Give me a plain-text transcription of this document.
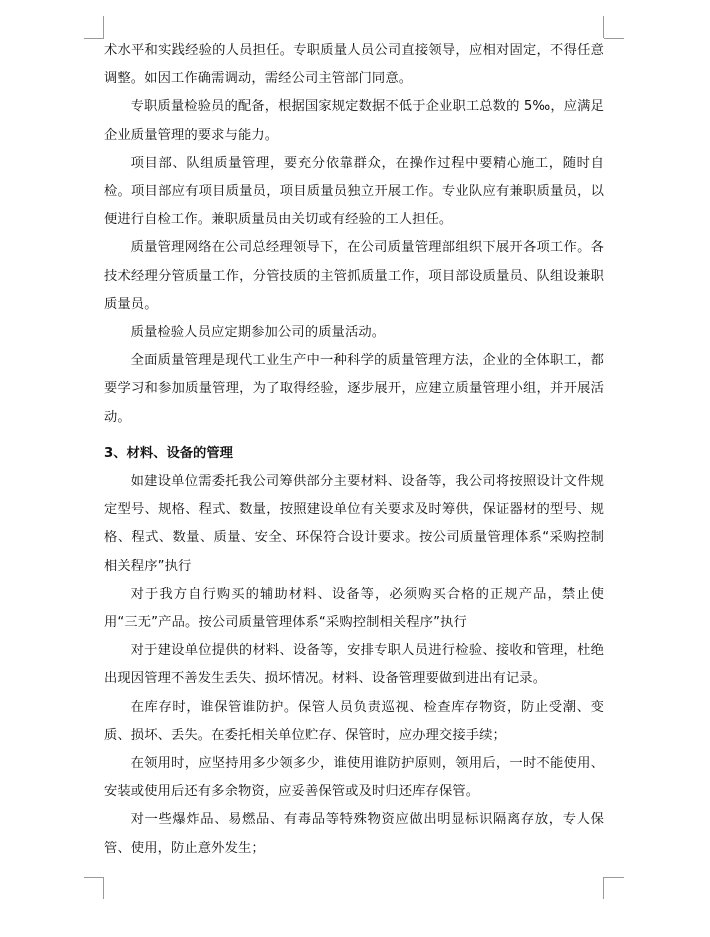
术水平和实践经验的人员担任。专职质量人员公司直接领导，应相对固定，不得任意调整。如因工作确需调动，需经公司主管部门同意。

专职质量检验员的配备，根据国家规定数据不低于企业职工总数的 5‰，应满足企业质量管理的要求与能力。

项目部、队组质量管理，要充分依靠群众，在操作过程中要精心施工，随时自检。项目部应有项目质量员，项目质量员独立开展工作。专业队应有兼职质量员，以便进行自检工作。兼职质量员由关切或有经验的工人担任。

质量管理网络在公司总经理领导下，在公司质量管理部组织下展开各项工作。各技术经理分管质量工作，分管技质的主管抓质量工作，项目部设质量员、队组设兼职质量员。

质量检验人员应定期参加公司的质量活动。

全面质量管理是现代工业生产中一种科学的质量管理方法，企业的全体职工，都要学习和参加质量管理，为了取得经验，逐步展开，应建立质量管理小组，并开展活动。

3、材料、设备的管理

如建设单位需委托我公司筹供部分主要材料、设备等，我公司将按照设计文件规定型号、规格、程式、数量，按照建设单位有关要求及时筹供，保证器材的型号、规格、程式、数量、质量、安全、环保符合设计要求。按公司质量管理体系“采购控制相关程序”执行

对于我方自行购买的辅助材料、设备等，必须购买合格的正规产品，禁止使用“三无”产品。按公司质量管理体系“采购控制相关程序”执行

对于建设单位提供的材料、设备等，安排专职人员进行检验、接收和管理，杜绝出现因管理不善发生丢失、损坏情况。材料、设备管理要做到进出有记录。

在库存时，谁保管谁防护。保管人员负责巡视、检查库存物资，防止受潮、变质、损坏、丢失。在委托相关单位贮存、保管时，应办理交接手续；

在领用时，应坚持用多少领多少，谁使用谁防护原则，领用后，一时不能使用、安装或使用后还有多余物资，应妥善保管或及时归还库存保管。

对一些爆炸品、易燃品、有毒品等特殊物资应做出明显标识隔离存放，专人保管、使用，防止意外发生；
